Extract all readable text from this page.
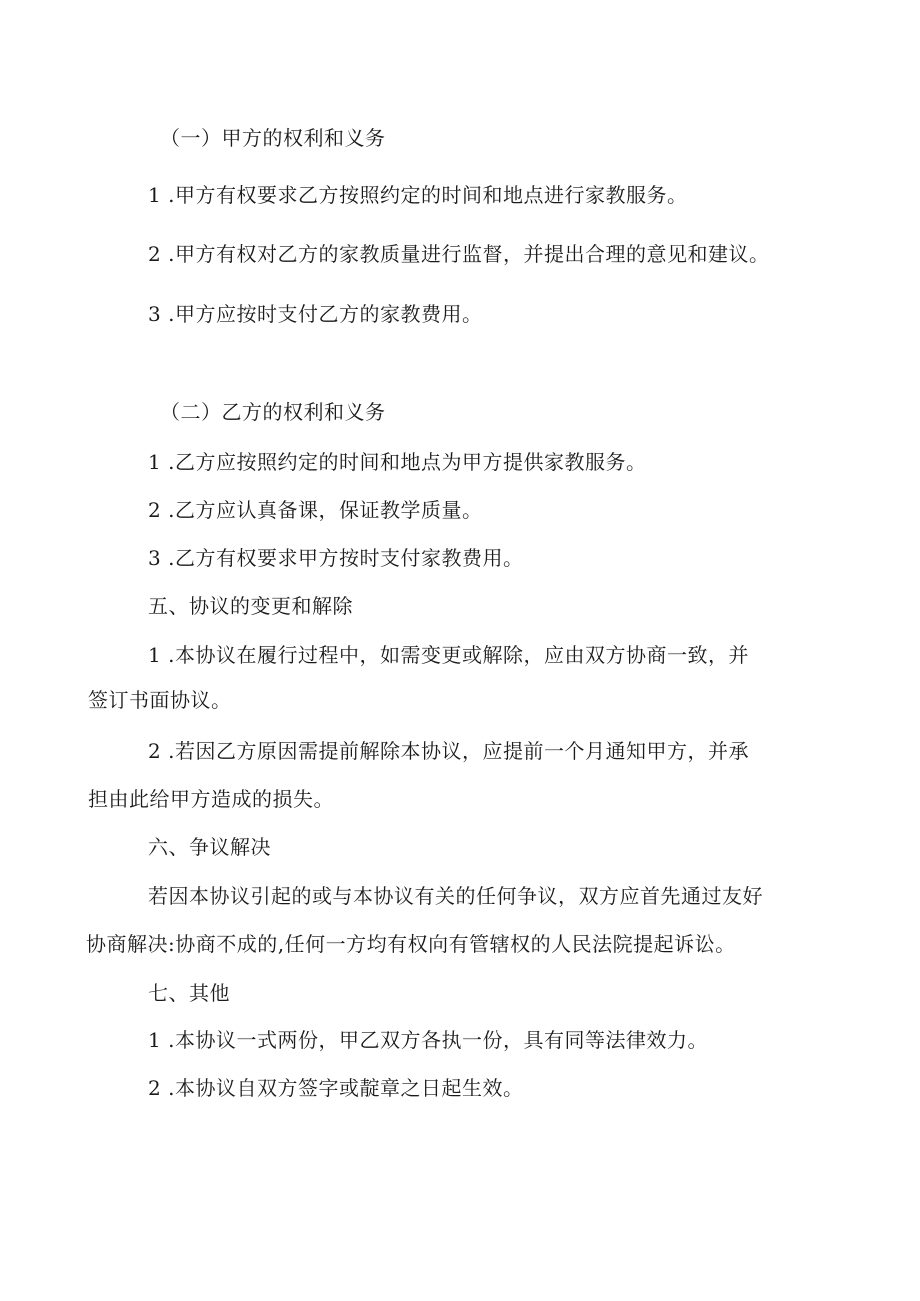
（一）甲方的权利和义务
1 .甲方有权要求乙方按照约定的时间和地点进行家教服务。
2 .甲方有权对乙方的家教质量进行监督，并提出合理的意见和建议。
3 .甲方应按时支付乙方的家教费用。
（二）乙方的权利和义务
1 .乙方应按照约定的时间和地点为甲方提供家教服务。
2 .乙方应认真备课，保证教学质量。
3 .乙方有权要求甲方按时支付家教费用。
五、协议的变更和解除
1 .本协议在履行过程中，如需变更或解除，应由双方协商一致，并
签订书面协议。
2 .若因乙方原因需提前解除本协议，应提前一个月通知甲方，并承
担由此给甲方造成的损失。
六、争议解决
若因本协议引起的或与本协议有关的任何争议，双方应首先通过友好
协商解决:协商不成的,任何一方均有权向有管辖权的人民法院提起诉讼。
七、其他
1 .本协议一式两份，甲乙双方各执一份，具有同等法律效力。
2 .本协议自双方签字或靛章之日起生效。
